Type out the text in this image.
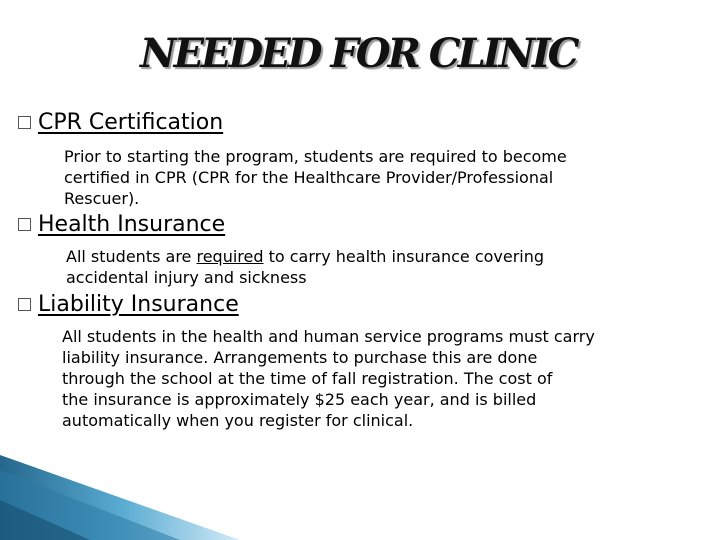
NEEDED FOR CLINIC
CPR Certification
Prior to starting the program, students are required to become
certified in CPR (CPR for the Healthcare Provider/Professional
Rescuer).
Health Insurance
All students are required to carry health insurance covering
accidental injury and sickness
Liability Insurance
All students in the health and human service programs must carry
liability insurance. Arrangements to purchase this are done
through the school at the time of fall registration. The cost of
the insurance is approximately $25 each year, and is billed
automatically when you register for clinical.
